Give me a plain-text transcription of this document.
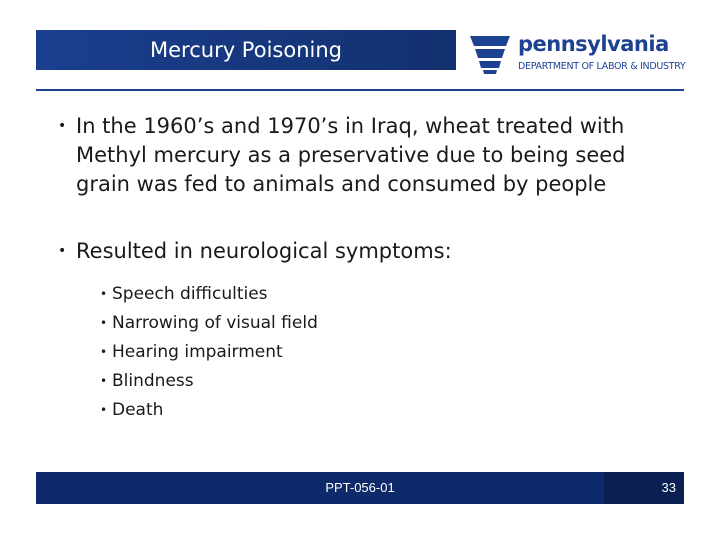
Mercury Poisoning	pennsylvania
DEPARTMENT OF LABOR & INDUSTRY
• In the 1960’s and 1970’s in Iraq, wheat treated with Methyl mercury as a preservative due to being seed grain was fed to animals and consumed by people
• Resulted in neurological symptoms:
• Speech difficulties
• Narrowing of visual field
• Hearing impairment
• Blindness
• Death
PPT-056-01	33
